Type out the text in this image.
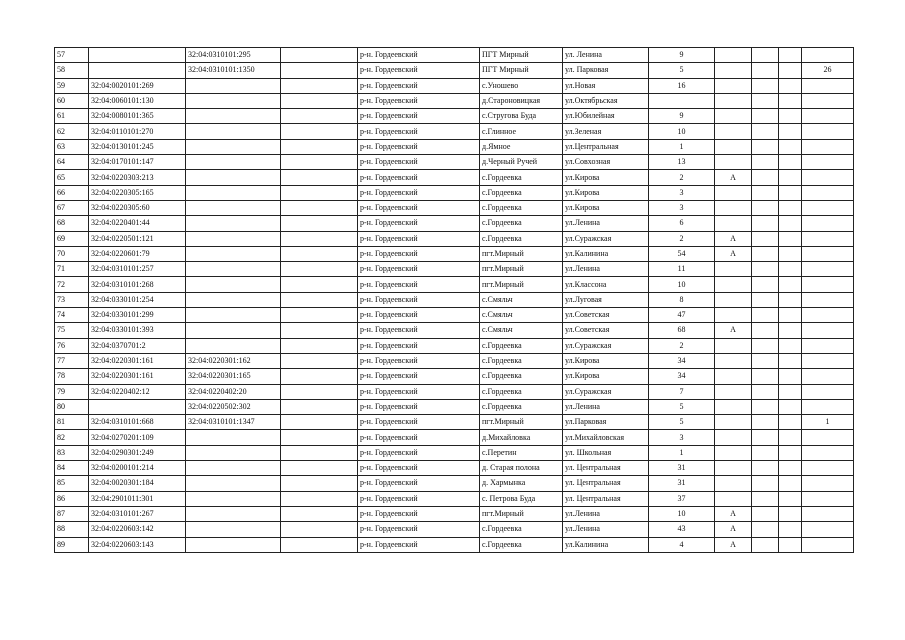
57		32:04:0310101:295		р-н. Гордеевский	ПГТ Мирный	ул. Ленина	9				
58		32:04:0310101:1350		р-н. Гордеевский	ПГТ Мирный	ул. Парковая	5				26
59	32:04:0020101:269			р-н. Гордеевский	с.Уношево	ул.Новая	16				
60	32:04:0060101:130			р-н. Гордеевский	д.Староновицкая	ул.Октябрьская					
61	32:04:0080101:365			р-н. Гордеевский	с.Стругова Буда	ул.Юбилейная	9				
62	32:04:0110101:270			р-н. Гордеевский	с.Глинное	ул.Зеленая	10				
63	32:04:0130101:245			р-н. Гордеевский	д.Ямное	ул.Центральная	1				
64	32:04:0170101:147			р-н. Гордеевский	д.Черный Ручей	ул.Совхозная	13				
65	32:04:0220303:213			р-н. Гордеевский	с.Гордеевка	ул.Кирова	2	А			
66	32:04:0220305:165			р-н. Гордеевский	с.Гордеевка	ул.Кирова	3				
67	32:04:0220305:60			р-н. Гордеевский	с.Гордеевка	ул.Кирова	3				
68	32:04:0220401:44			р-н. Гордеевский	с.Гордеевка	ул.Ленина	6				
69	32:04:0220501:121			р-н. Гордеевский	с.Гордеевка	ул.Суражская	2	А			
70	32:04:0220601:79			р-н. Гордеевский	пгт.Мирный	ул.Калинина	54	А			
71	32:04:0310101:257			р-н. Гордеевский	пгт.Мирный	ул.Ленина	11				
72	32:04:0310101:268			р-н. Гордеевский	пгт.Мирный	ул.Классона	10				
73	32:04:0330101:254			р-н. Гордеевский	с.Смяльч	ул.Луговая	8				
74	32:04:0330101:299			р-н. Гордеевский	с.Смяльч	ул.Советская	47				
75	32:04:0330101:393			р-н. Гордеевский	с.Смяльч	ул.Советская	68	А			
76	32:04:0370701:2			р-н. Гордеевский	с.Гордеевка	ул.Суражская	2				
77	32:04:0220301:161	32:04:0220301:162		р-н. Гордеевский	с.Гордеевка	ул.Кирова	34				
78	32:04:0220301:161	32:04:0220301:165		р-н. Гордеевский	с.Гордеевка	ул.Кирова	34				
79	32:04:0220402:12	32:04:0220402:20		р-н. Гордеевский	с.Гордеевка	ул.Суражская	7				
80		32:04:0220502:302		р-н. Гордеевский	с.Гордеевка	ул.Ленина	5				
81	32:04:0310101:668	32:04:0310101:1347		р-н. Гордеевский	пгт.Мирный	ул.Парковая	5				1
82	32:04:0270201:109			р-н. Гордеевский	д.Михайловка	ул.Михайловская	3				
83	32:04:0290301:249			р-н. Гордеевский	с.Перетин	ул. Школьная	1				
84	32:04:0200101:214			р-н. Гордеевский	д. Старая полона	ул. Центральная	31				
85	32:04:0020301:184			р-н. Гордеевский	д. Хармынка	ул. Центральная	31				
86	32:04:2901011:301			р-н. Гордеевский	с. Петрова Буда	ул. Центральная	37				
87	32:04:0310101:267			р-н. Гордеевский	пгт.Мирный	ул.Ленина	10	А			
88	32:04:0220603:142			р-н. Гордеевский	с.Гордеевка	ул.Ленина	43	А			
89	32:04:0220603:143			р-н. Гордеевский	с.Гордеевка	ул.Калинина	4	А			
